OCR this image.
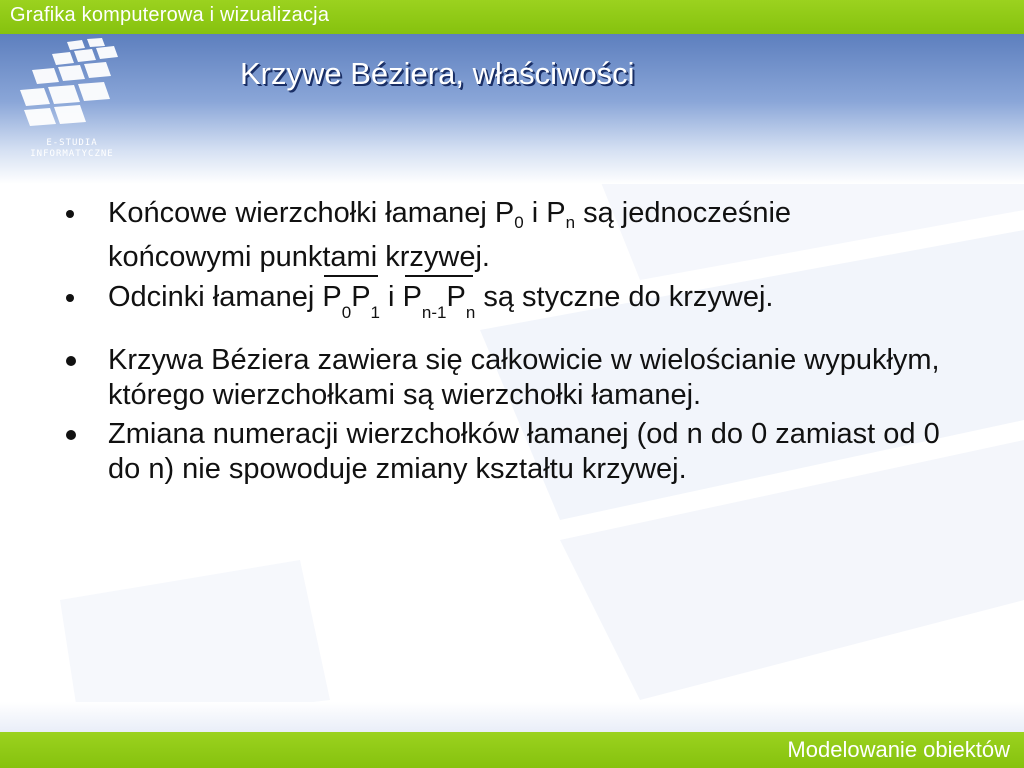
Grafika komputerowa i wizualizacja
E-STUDIA
INFORMATYCZNE
Krzywe Béziera, właściwości
Końcowe wierzchołki łamanej $P_0$ i $P_n$ są jednocześnie
końcowymi punktami krzywej.
Odcinki łamanej $P_0P_1$ i $P_{n-1}P_n$ są styczne do krzywej.
Krzywa Béziera zawiera się całkowicie w wielościanie wypukłym, którego wierzchołkami są wierzchołki łamanej.
Zmiana numeracji wierzchołków łamanej (od n do 0 zamiast od 0 do n) nie spowoduje zmiany kształtu krzywej.
Modelowanie obiektów
